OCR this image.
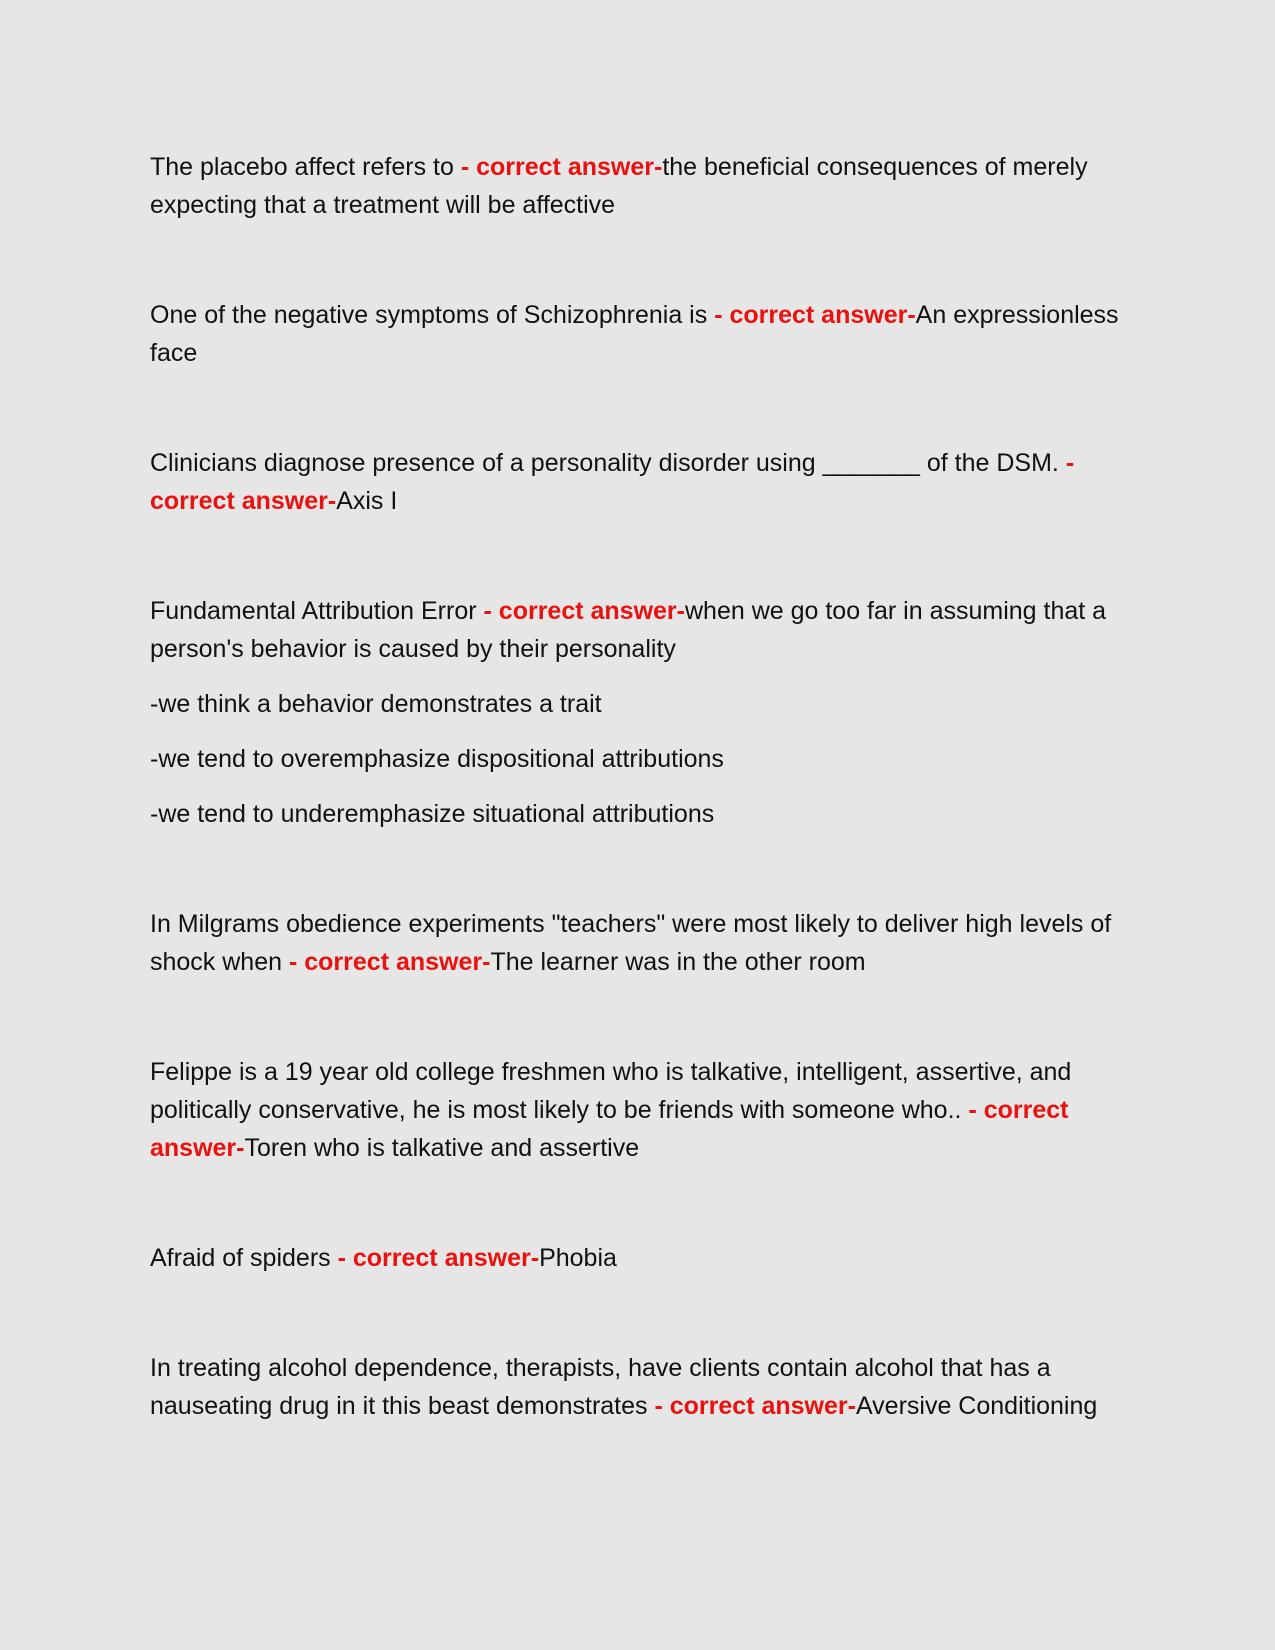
The placebo affect refers to - correct answer-the beneficial consequences of merely expecting that a treatment will be affective

One of the negative symptoms of Schizophrenia is - correct answer-An expressionless face

Clinicians diagnose presence of a personality disorder using _______ of the DSM. - correct answer-Axis I

Fundamental Attribution Error - correct answer-when we go too far in assuming that a person's behavior is caused by their personality

-we think a behavior demonstrates a trait

-we tend to overemphasize dispositional attributions

-we tend to underemphasize situational attributions

In Milgrams obedience experiments "teachers" were most likely to deliver high levels of shock when - correct answer-The learner was in the other room

Felippe is a 19 year old college freshmen who is talkative, intelligent, assertive, and politically conservative, he is most likely to be friends with someone who.. - correct answer-Toren who is talkative and assertive

Afraid of spiders - correct answer-Phobia

In treating alcohol dependence, therapists, have clients contain alcohol that has a nauseating drug in it this beast demonstrates - correct answer-Aversive Conditioning
